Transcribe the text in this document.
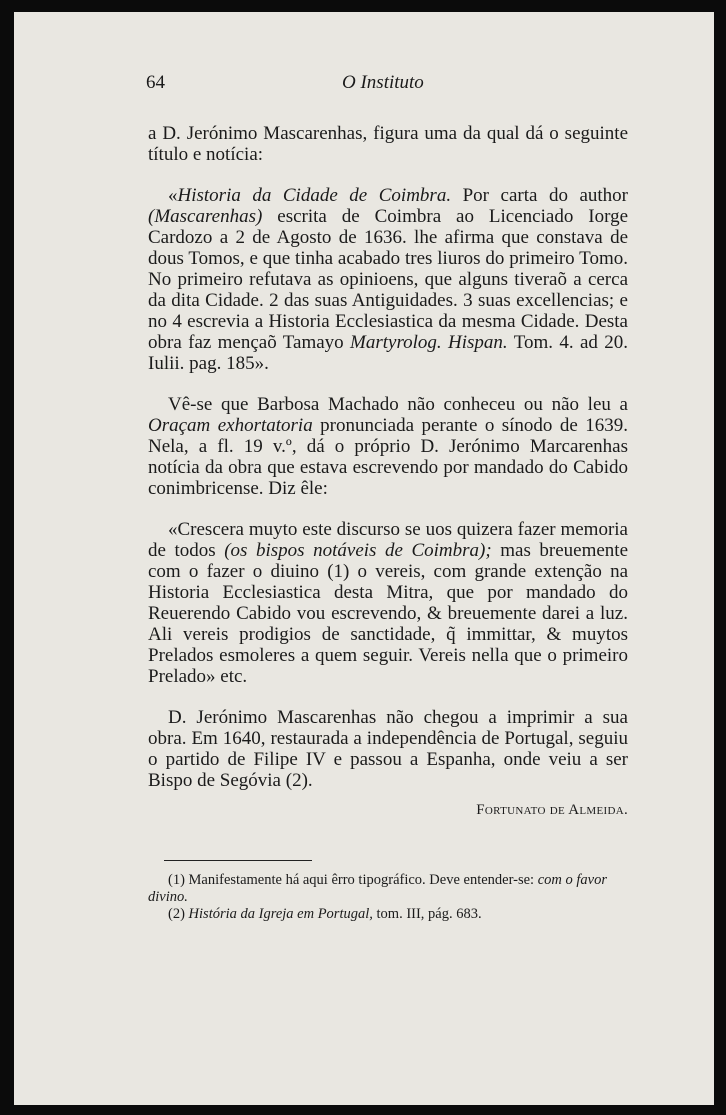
64	O Instituto

a D. Jerónimo Mascarenhas, figura uma da qual dá o seguinte título e notícia:

«Historia da Cidade de Coimbra. Por carta do author (Mascarenhas) escrita de Coimbra ao Licenciado Iorge Cardozo a 2 de Agosto de 1636. lhe afirma que constava de dous Tomos, e que tinha acabado tres liuros do primeiro Tomo. No primeiro refutava as opinioens, que alguns tiveraõ a cerca da dita Cidade. 2 das suas Antiguidades. 3 suas excellencias; e no 4 escrevia a Historia Ecclesiastica da mesma Cidade. Desta obra faz mençaõ Tamayo Martyrolog. Hispan. Tom. 4. ad 20. Iulii. pag. 185».

Vê-se que Barbosa Machado não conheceu ou não leu a Oraçam exhortatoria pronunciada perante o sínodo de 1639. Nela, a fl. 19 v.º, dá o próprio D. Jerónimo Marcarenhas notícia da obra que estava escrevendo por mandado do Cabido conimbricense. Diz êle:

«Crescera muyto este discurso se uos quizera fazer memoria de todos (os bispos notáveis de Coimbra); mas breuemente com o fazer o diuino (1) o vereis, com grande extenção na Historia Ecclesiastica desta Mitra, que por mandado do Reuerendo Cabido vou escrevendo, & breuemente darei a luz. Ali vereis prodigios de sanctidade, q̃ immittar, & muytos Prelados esmoleres a quem seguir. Vereis nella que o primeiro Prelado» etc.

D. Jerónimo Mascarenhas não chegou a imprimir a sua obra. Em 1640, restaurada a independência de Portugal, seguiu o partido de Filipe IV e passou a Espanha, onde veiu a ser Bispo de Segóvia (2).

Fortunato de Almeida.

(1) Manifestamente há aqui êrro tipográfico. Deve entender-se: com o favor divino.

(2) História da Igreja em Portugal, tom. III, pág. 683.
